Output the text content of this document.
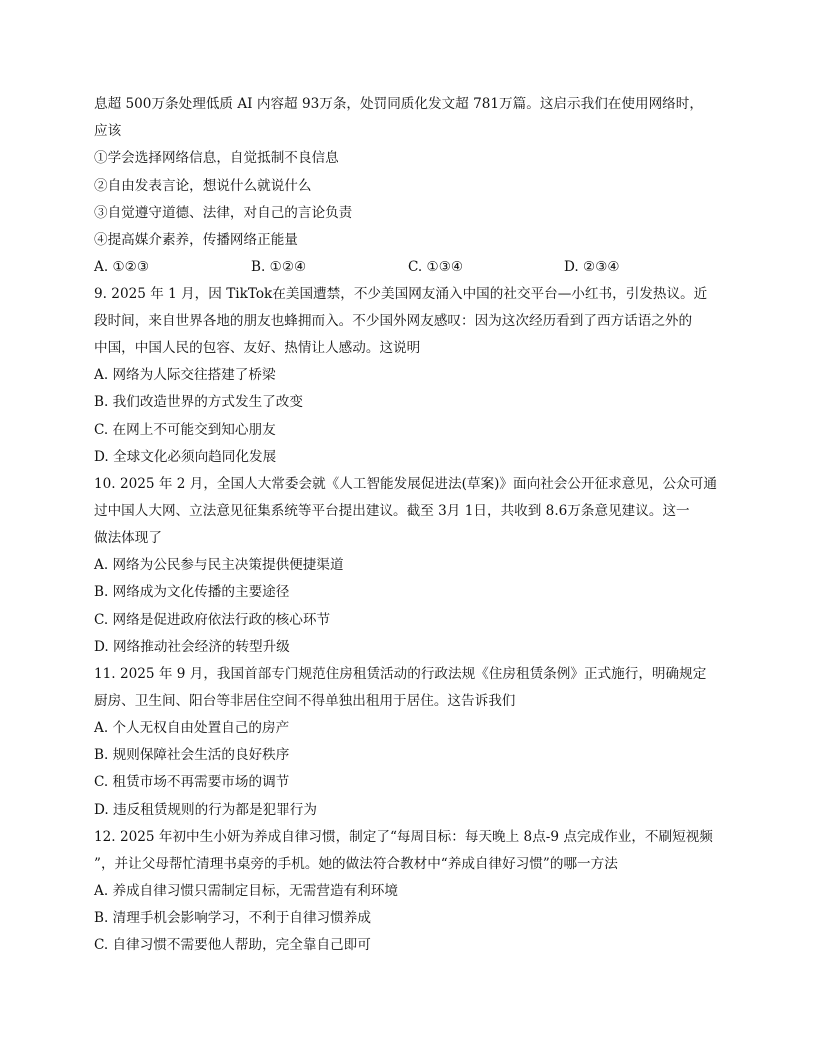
息超 500万条处理低质 AI 内容超 93万条，处罚同质化发文超 781万篇。这启示我们在使用网络时，
应该
①学会选择网络信息，自觉抵制不良信息
②自由发表言论，想说什么就说什么
③自觉遵守道德、法律，对自己的言论负责
④提高媒介素养，传播网络正能量
A. ①②③	B. ①②④	C. ①③④	D. ②③④
9. 2025 年 1 月，因 TikTok在美国遭禁，不少美国网友涌入中国的社交平台—小红书，引发热议。近
段时间，来自世界各地的朋友也蜂拥而入。不少国外网友感叹：因为这次经历看到了西方话语之外的
中国，中国人民的包容、友好、热情让人感动。这说明
A. 网络为人际交往搭建了桥梁
B. 我们改造世界的方式发生了改变
C. 在网上不可能交到知心朋友
D. 全球文化必须向趋同化发展
10. 2025 年 2 月，全国人大常委会就《人工智能发展促进法(草案)》面向社会公开征求意见，公众可通
过中国人大网、立法意见征集系统等平台提出建议。截至 3月 1日，共收到 8.6万条意见建议。这一
做法体现了
A. 网络为公民参与民主决策提供便捷渠道
B. 网络成为文化传播的主要途径
C. 网络是促进政府依法行政的核心环节
D. 网络推动社会经济的转型升级
11. 2025 年 9 月，我国首部专门规范住房租赁活动的行政法规《住房租赁条例》正式施行，明确规定
厨房、卫生间、阳台等非居住空间不得单独出租用于居住。这告诉我们
A. 个人无权自由处置自己的房产
B. 规则保障社会生活的良好秩序
C. 租赁市场不再需要市场的调节
D. 违反租赁规则的行为都是犯罪行为
12. 2025 年初中生小妍为养成自律习惯，制定了“每周目标：每天晚上 8点-9 点完成作业，不刷短视频
”，并让父母帮忙清理书桌旁的手机。她的做法符合教材中“养成自律好习惯”的哪一方法
A. 养成自律习惯只需制定目标，无需营造有利环境
B. 清理手机会影响学习，不利于自律习惯养成
C. 自律习惯不需要他人帮助，完全靠自己即可
